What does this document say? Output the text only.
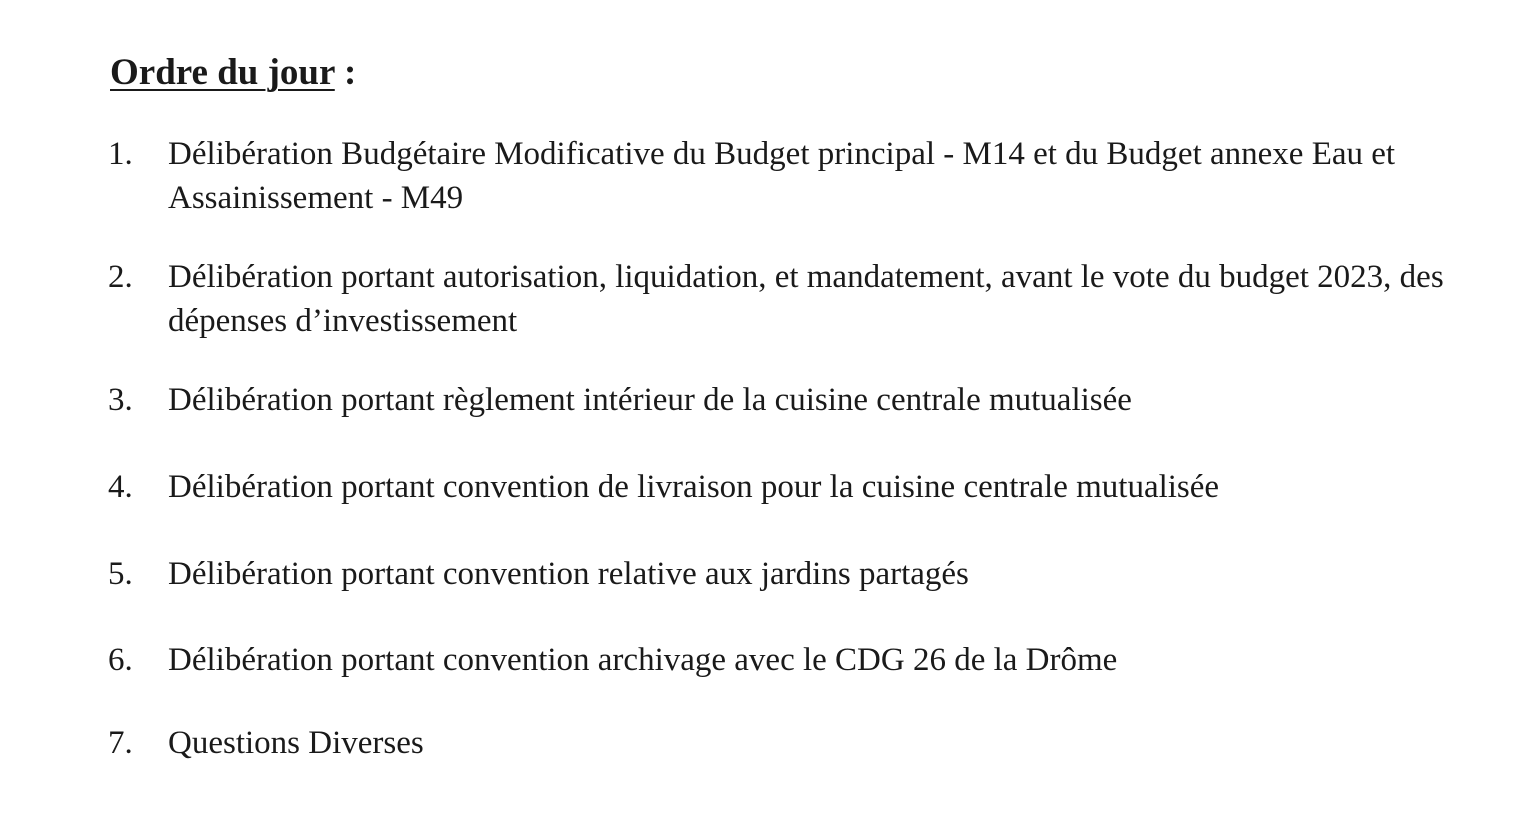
Ordre du jour :
1.	Délibération Budgétaire Modificative du Budget principal - M14 et du Budget annexe Eau et Assainissement - M49
2.	Délibération portant autorisation, liquidation, et mandatement, avant le vote du budget 2023, des dépenses d’investissement
3.	Délibération portant règlement intérieur de la cuisine centrale mutualisée
4.	Délibération portant convention de livraison pour la cuisine centrale mutualisée
5.	Délibération portant convention relative aux jardins partagés
6.	Délibération portant convention archivage avec le CDG 26 de la Drôme
7.	Questions Diverses
